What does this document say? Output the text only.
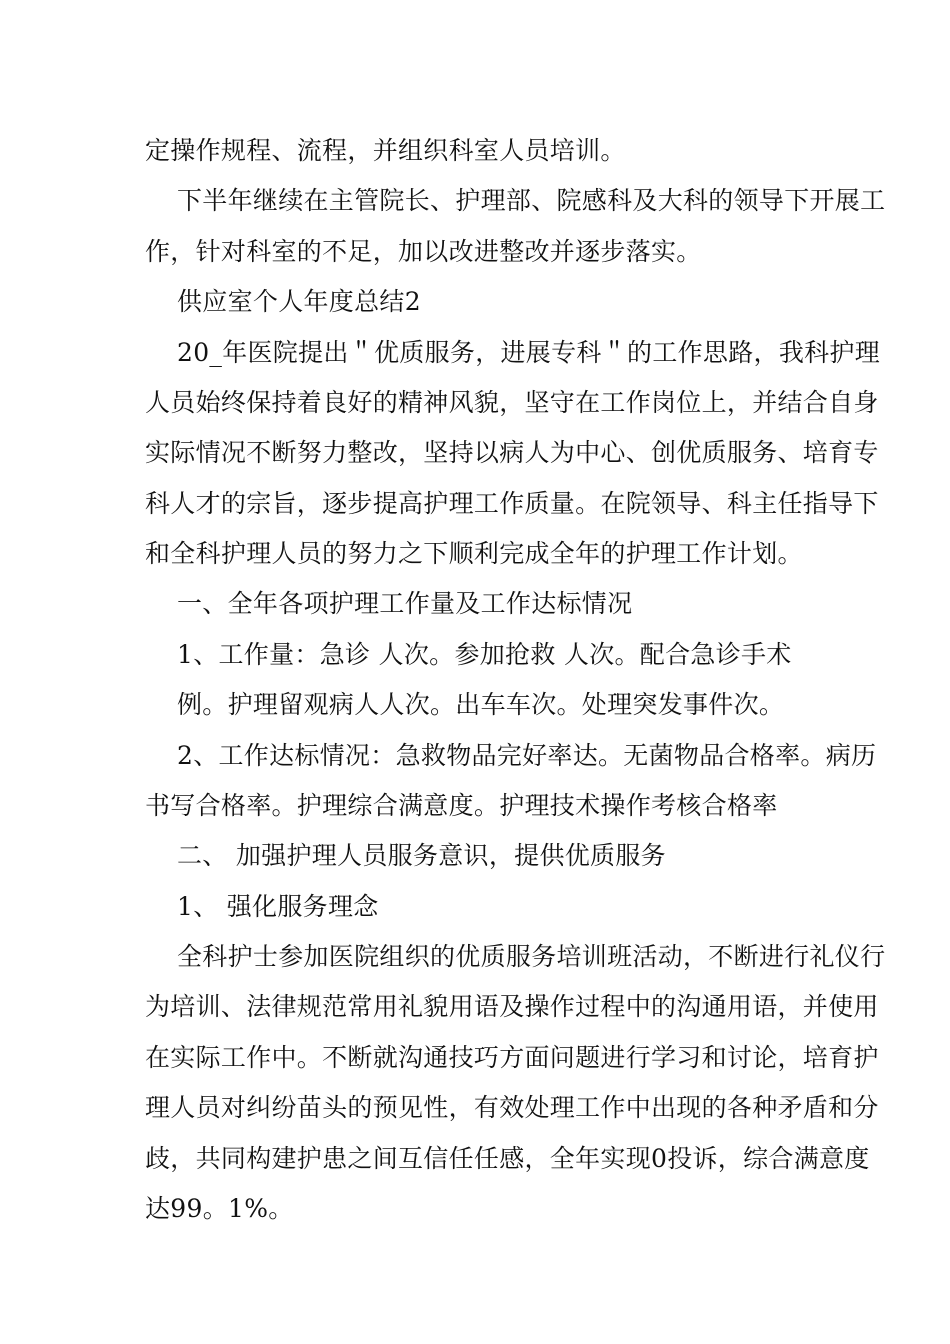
定操作规程、流程，并组织科室人员培训。

下半年继续在主管院长、护理部、院感科及大科的领导下开展工

作，针对科室的不足，加以改进整改并逐步落实。

供应室个人年度总结2

20_年医院提出＂优质服务，进展专科＂的工作思路，我科护理

人员始终保持着良好的精神风貌，坚守在工作岗位上，并结合自身

实际情况不断努力整改，坚持以病人为中心、创优质服务、培育专

科人才的宗旨，逐步提高护理工作质量。在院领导、科主任指导下

和全科护理人员的努力之下顺利完成全年的护理工作计划。

一、全年各项护理工作量及工作达标情况

1、工作量：急诊 人次。参加抢救 人次。配合急诊手术

例。护理留观病人人次。出车车次。处理突发事件次。

2、工作达标情况：急救物品完好率达。无菌物品合格率。病历

书写合格率。护理综合满意度。护理技术操作考核合格率

二、 加强护理人员服务意识，提供优质服务

1、 强化服务理念

全科护士参加医院组织的优质服务培训班活动，不断进行礼仪行

为培训、法律规范常用礼貌用语及操作过程中的沟通用语，并使用

在实际工作中。不断就沟通技巧方面问题进行学习和讨论，培育护

理人员对纠纷苗头的预见性，有效处理工作中出现的各种矛盾和分

歧，共同构建护患之间互信任任感，全年实现0投诉，综合满意度

达99。1%。
